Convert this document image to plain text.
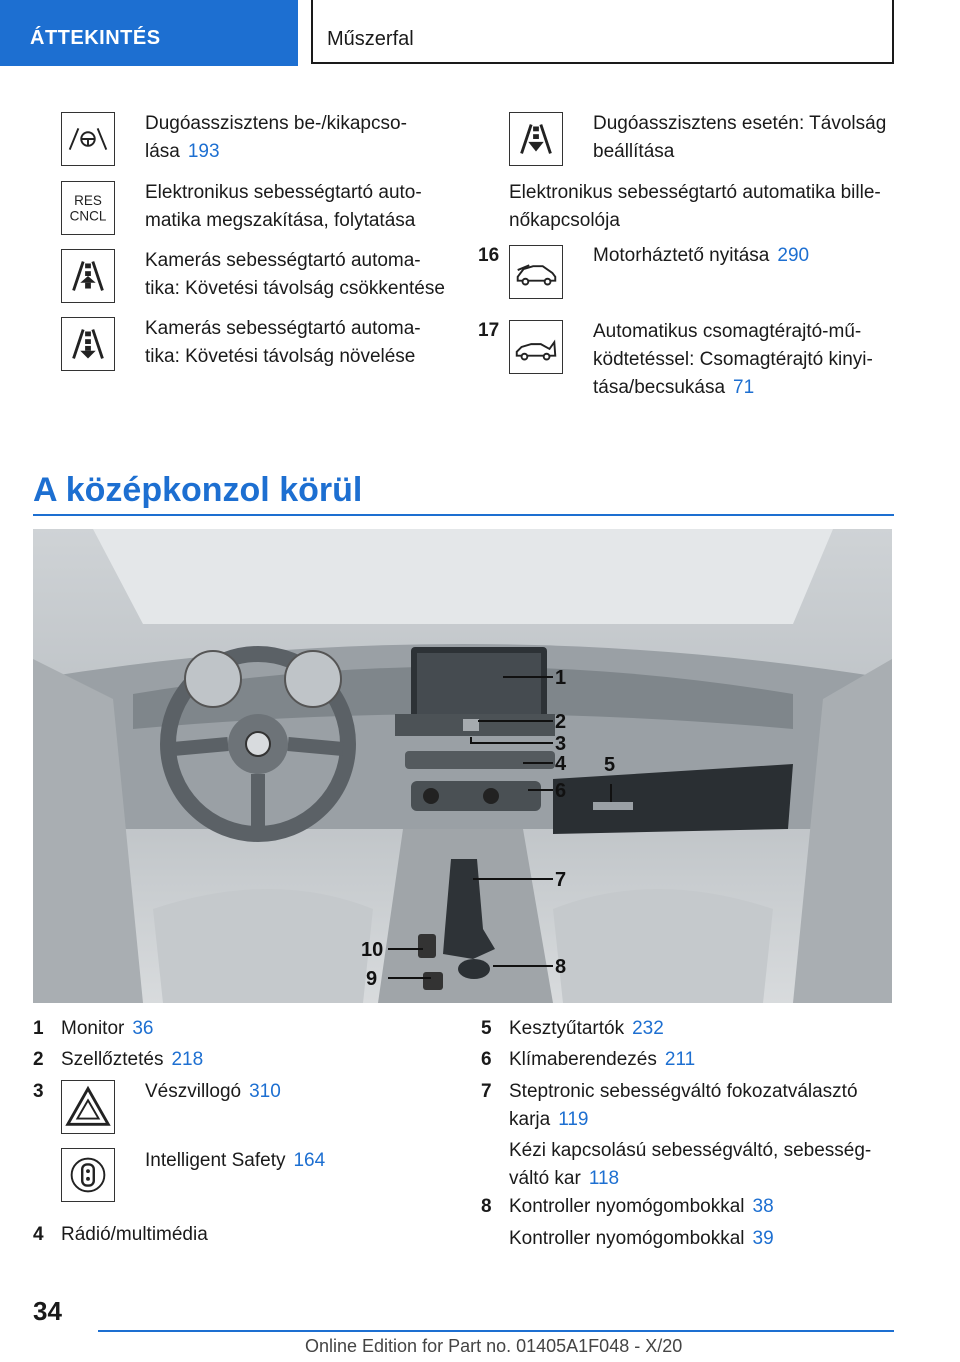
ÁTTEKINTÉS	Műszerfal
Dugóasszisztens be-/kikapcso-
lása 193
RES
CNCL
Elektronikus sebességtartó auto-
matika megszakítása, folytatása
Kamerás sebességtartó automa-
tika: Követési távolság csökkentése
Kamerás sebességtartó automa-
tika: Követési távolság növelése
Dugóasszisztens esetén: Távolság
beállítása
Elektronikus sebességtartó automatika bille-
nőkapcsolója
16	Motorháztető nyitása 290
17	Automatikus csomagtérajtó-mű-
ködtetéssel: Csomagtérajtó kinyi-
tása/becsukása 71
A középkonzol körül
1
2
3
4 5
6
7
8
9
10
1 Monitor 36
2 Szellőztetés 218
3	Vészvillogó 310
Intelligent Safety 164
4 Rádió/multimédia
5 Kesztyűtartók 232
6 Klímaberendezés 211
7 Steptronic sebességváltó fokozatválasztó
karja 119
Kézi kapcsolású sebességváltó, sebesség-
váltó kar 118
8 Kontroller nyomógombokkal 38
Kontroller nyomógombokkal 39
34
Online Edition for Part no. 01405A1F048 - X/20
